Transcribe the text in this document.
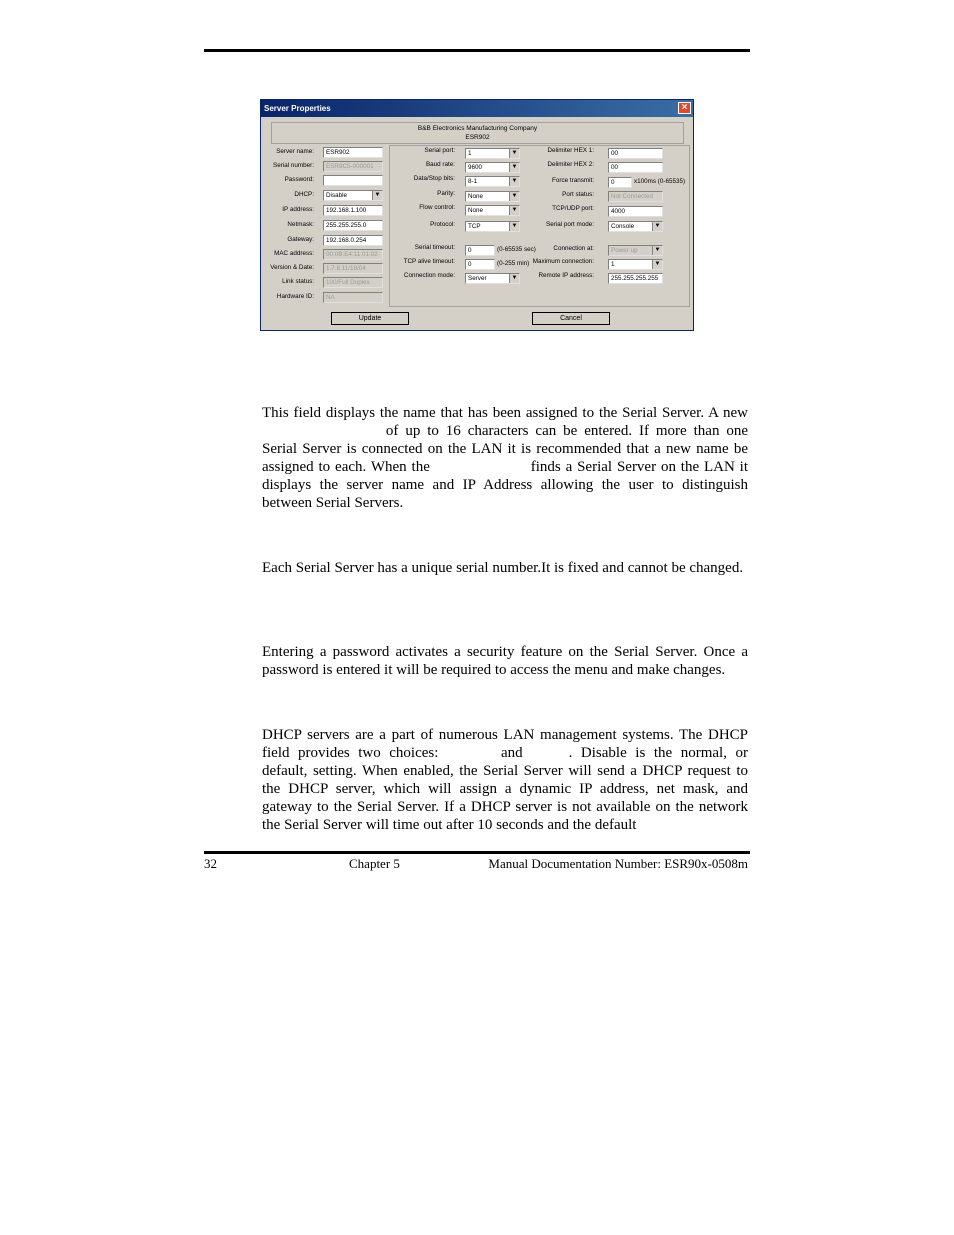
Server Properties	×
B&B Electronics Manufacturing Company
ESR902
Server name:	ESR902
Serial number:	ESR9C5-000001
Password:
DHCP:	Disable	▼
IP address:	192.168.1.100
Netmask:	255.255.255.0
Gateway:	192.168.0.254
MAC address:	00:0B:E4:11:01:02
Version & Date:	1.7.8.11/18/04
Link status:	100/Full Duplex
Hardware ID:	NA
Serial port:	1	▼
Baud rate:	9600	▼
Data/Stop bits:	8-1	▼
Parity:	None	▼
Flow control:	None	▼
Protocol:	TCP	▼
Serial timeout:	0	(0-65535 sec)
TCP alive timeout:	0	(0-255 min)
Connection mode:	Server	▼
Delimiter HEX 1:	00
Delimiter HEX 2:	00
Force transmit:	0	x100ms (0-65535)
Port status:	Not Connected
TCP/UDP port:	4000
Serial port mode:	Console	▼
Connection at:	Power up	▼
Maximum connection:	1	▼
Remote IP address:	255.255.255.255
Update	Cancel
This field displays the name that has been assigned to the Serial Server. A new of up to 16 characters can be entered. If more than one Serial Server is connected on the LAN it is recommended that a new name be assigned to each. When the	finds a Serial Server on the LAN it displays the server name and IP Address allowing the user to distinguish between Serial Servers.
Each Serial Server has a unique serial number.It is fixed and cannot be changed.
Entering a password activates a security feature on the Serial Server. Once a password is entered it will be required to access the menu and make changes.
DHCP servers are a part of numerous LAN management systems. The DHCP field provides two choices:	and	. Disable is the normal, or default, setting. When enabled, the Serial Server will send a DHCP request to the DHCP server, which will assign a dynamic IP address, net mask, and gateway to the Serial Server. If a DHCP server is not available on the network the Serial Server will time out after 10 seconds and the default
32	Chapter 5	Manual Documentation Number: ESR90x-0508m
